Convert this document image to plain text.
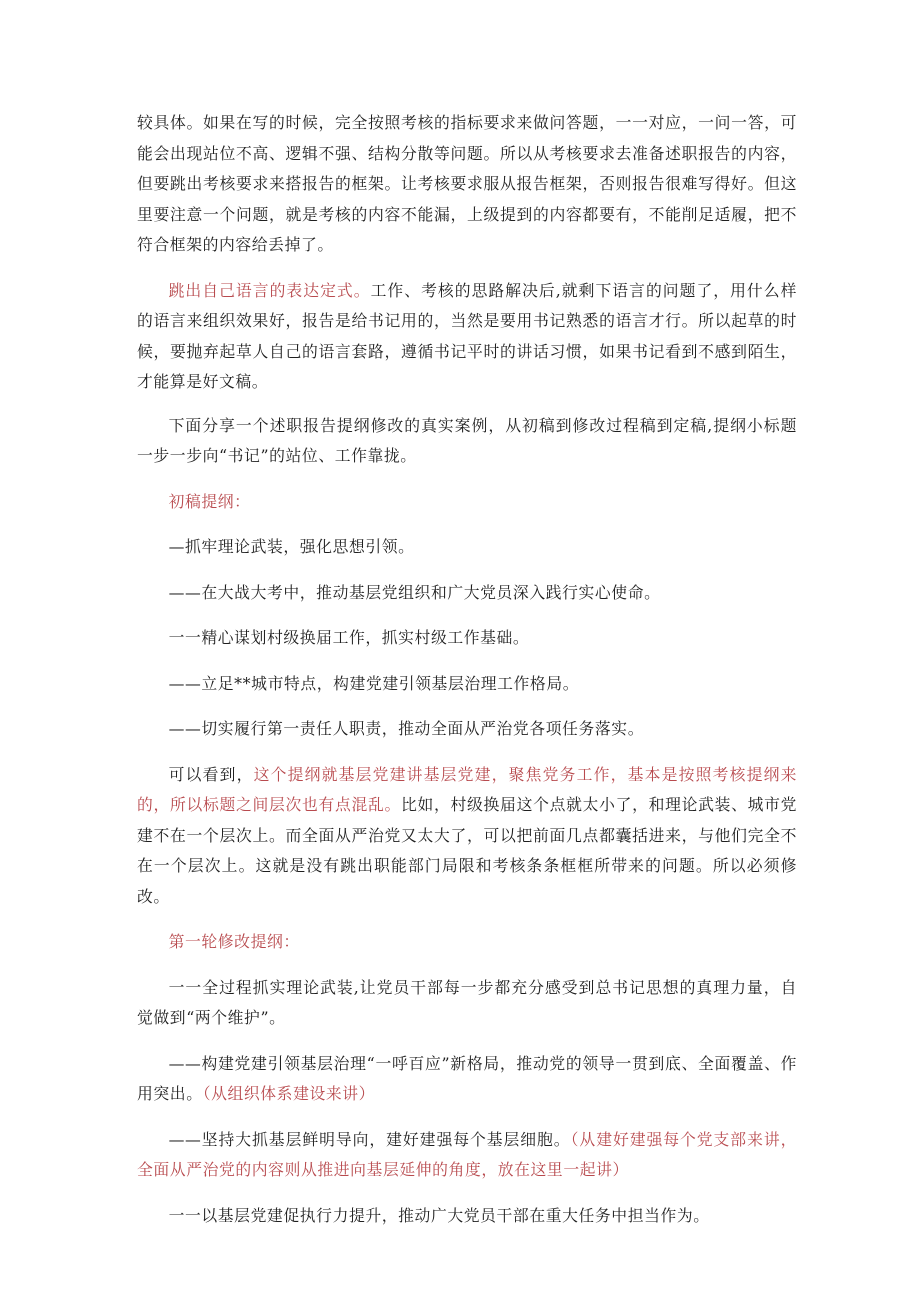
较具体。如果在写的时候，完全按照考核的指标要求来做问答题，一一对应，一问一答，可能会出现站位不高、逻辑不强、结构分散等问题。所以从考核要求去准备述职报告的内容，但要跳出考核要求来搭报告的框架。让考核要求服从报告框架，否则报告很难写得好。但这里要注意一个问题，就是考核的内容不能漏，上级提到的内容都要有，不能削足适履，把不符合框架的内容给丢掉了。

跳出自己语言的表达定式。工作、考核的思路解决后,就剩下语言的问题了，用什么样的语言来组织效果好，报告是给书记用的，当然是要用书记熟悉的语言才行。所以起草的时候，要抛弃起草人自己的语言套路，遵循书记平时的讲话习惯，如果书记看到不感到陌生，才能算是好文稿。

下面分享一个述职报告提纲修改的真实案例，从初稿到修改过程稿到定稿,提纲小标题一步一步向“书记”的站位、工作靠拢。

初稿提纲：

—抓牢理论武装，强化思想引领。

——在大战大考中，推动基层党组织和广大党员深入践行实心使命。

一一精心谋划村级换届工作，抓实村级工作基础。

——立足**城市特点，构建党建引领基层治理工作格局。

——切实履行第一责任人职责，推动全面从严治党各项任务落实。

可以看到，这个提纲就基层党建讲基层党建，聚焦党务工作，基本是按照考核提纲来的，所以标题之间层次也有点混乱。比如，村级换届这个点就太小了，和理论武装、城市党建不在一个层次上。而全面从严治党又太大了，可以把前面几点都囊括进来，与他们完全不在一个层次上。这就是没有跳出职能部门局限和考核条条框框所带来的问题。所以必须修改。

第一轮修改提纲：

一一全过程抓实理论武装,让党员干部每一步都充分感受到总书记思想的真理力量，自觉做到“两个维护”。

——构建党建引领基层治理“一呼百应”新格局，推动党的领导一贯到底、全面覆盖、作用突出。（从组织体系建设来讲）

——坚持大抓基层鲜明导向，建好建强每个基层细胞。（从建好建强每个党支部来讲，全面从严治党的内容则从推进向基层延伸的角度，放在这里一起讲）

一一以基层党建促执行力提升，推动广大党员干部在重大任务中担当作为。
